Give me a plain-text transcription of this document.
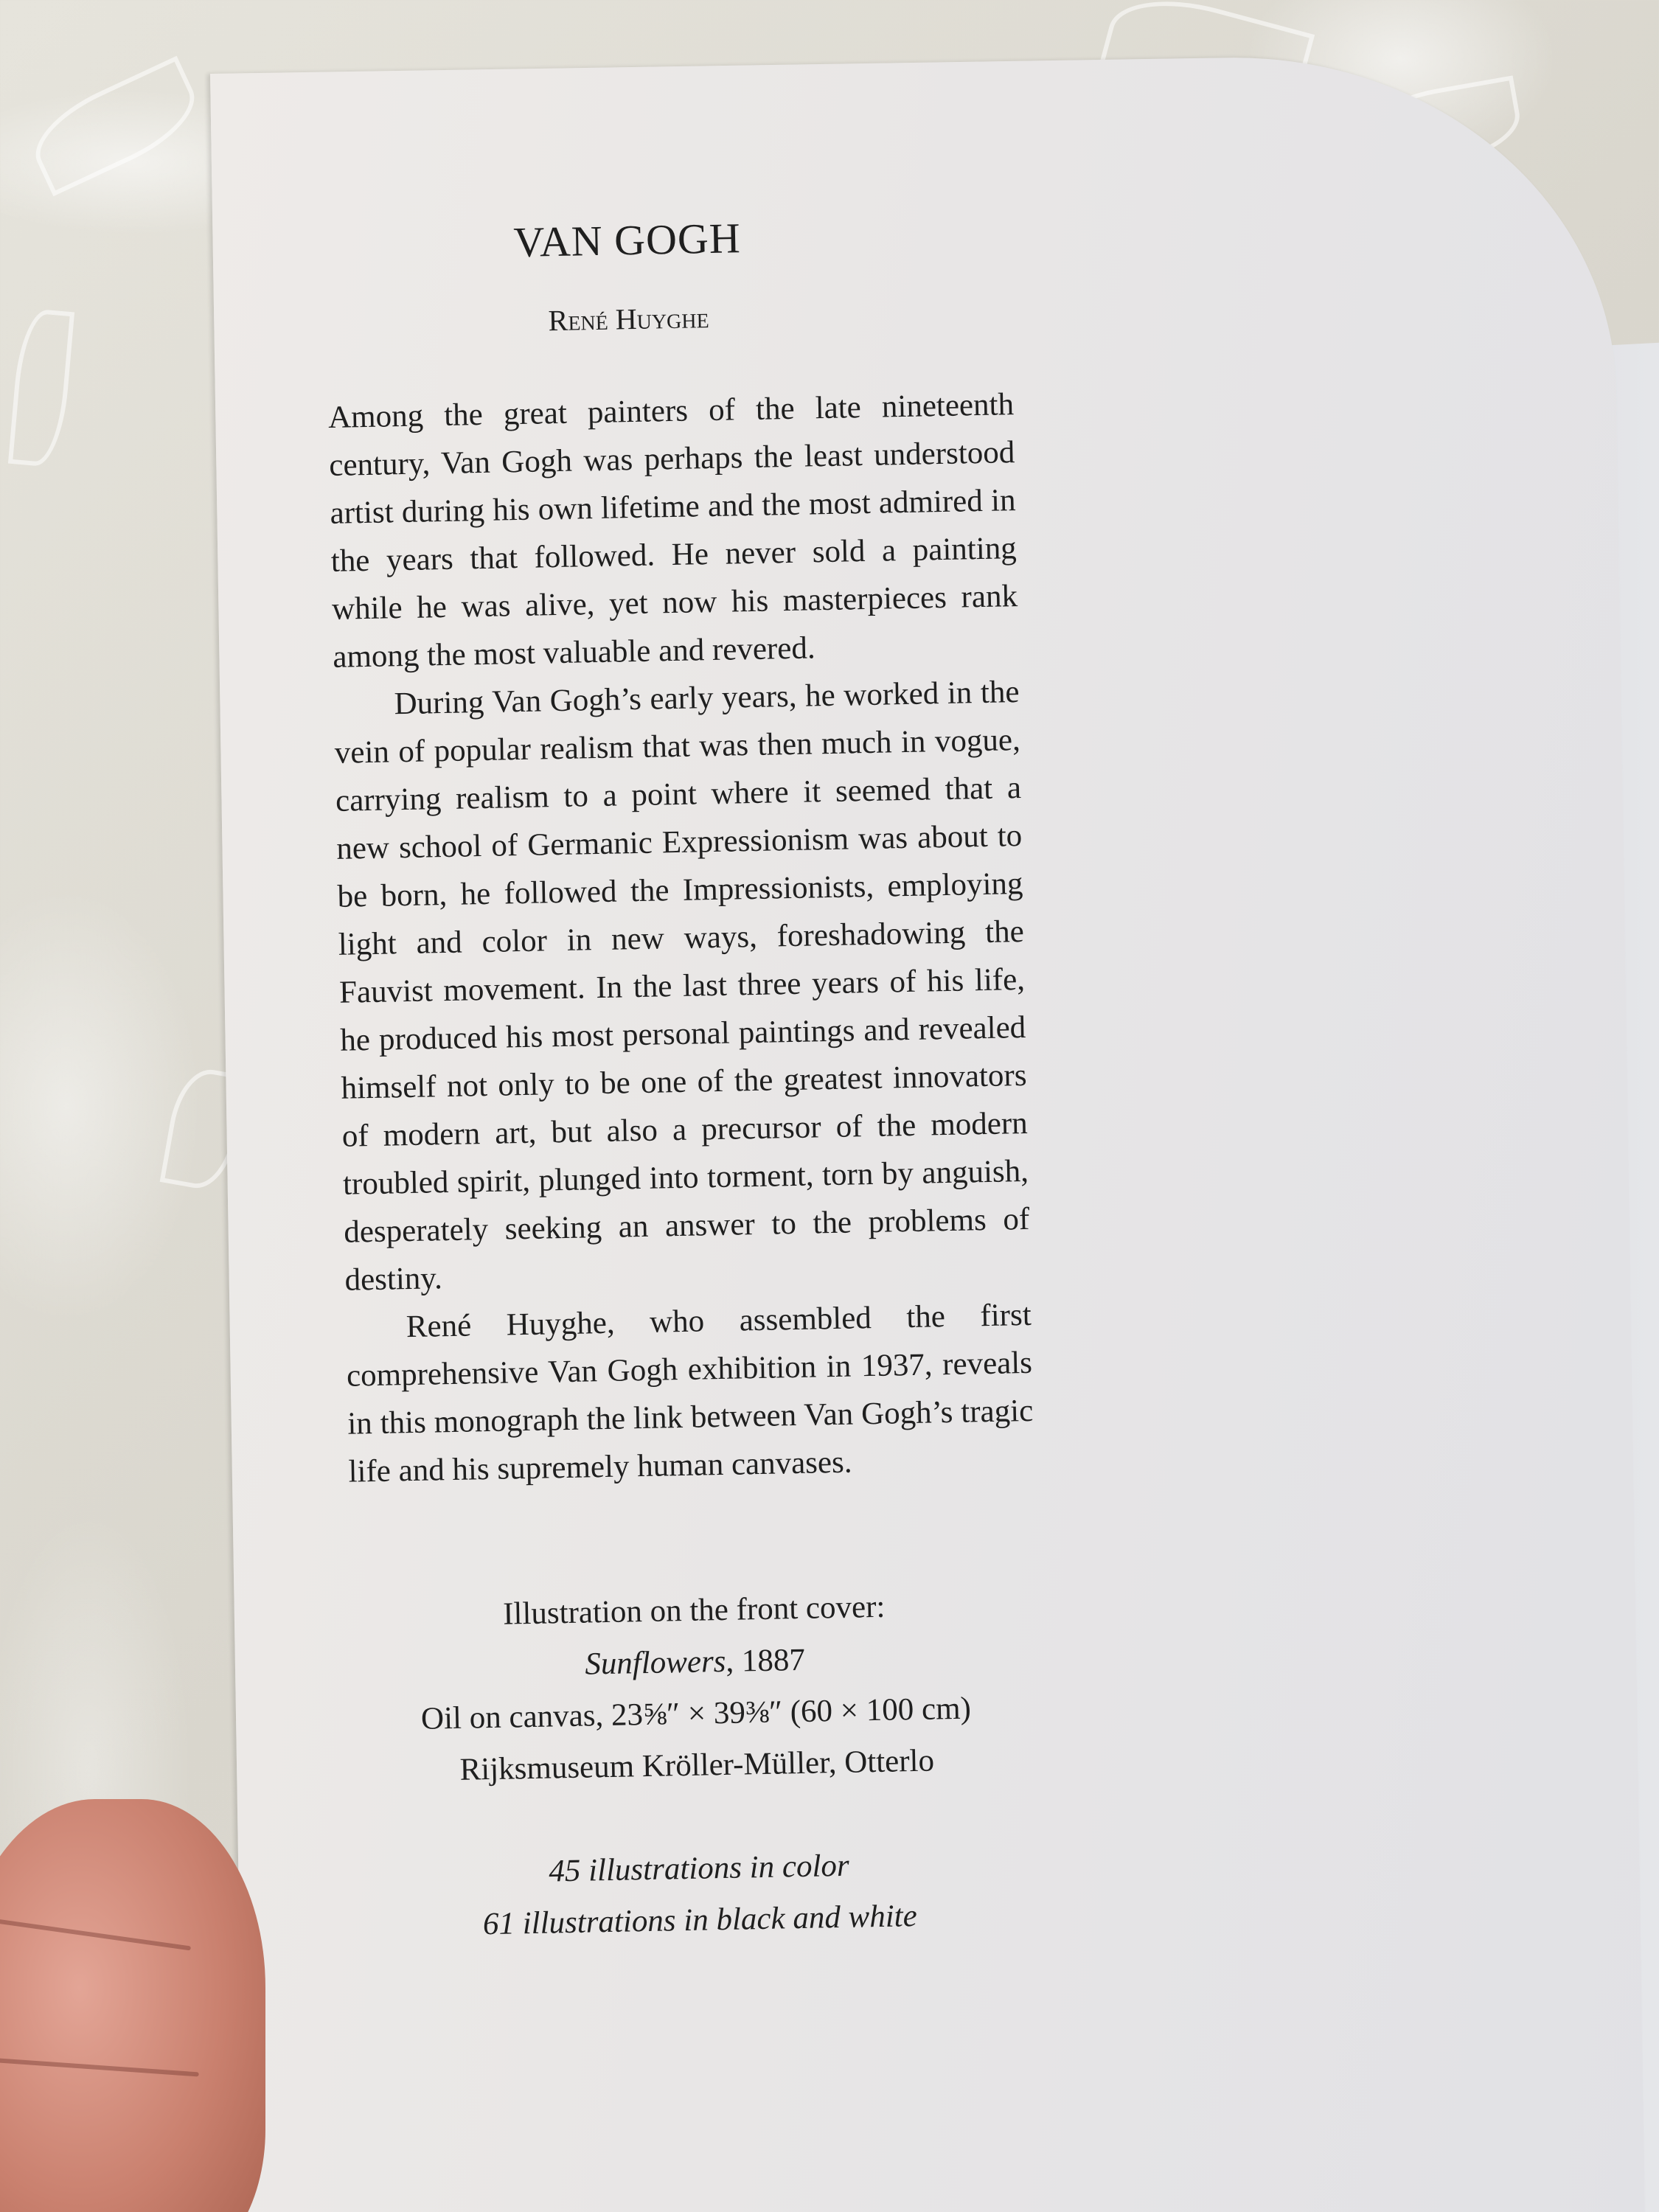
VAN GOGH
René Huyghe

Among the great painters of the late nineteenth century, Van Gogh was perhaps the least understood artist during his own lifetime and the most admired in the years that followed. He never sold a painting while he was alive, yet now his masterpieces rank among the most valuable and revered.

During Van Gogh’s early years, he worked in the vein of popular realism that was then much in vogue, carrying realism to a point where it seemed that a new school of Germanic Expressionism was about to be born, he followed the Impressionists, employing light and color in new ways, foreshadowing the Fauvist movement. In the last three years of his life, he produced his most personal paintings and revealed himself not only to be one of the greatest innovators of modern art, but also a precursor of the modern troubled spirit, plunged into torment, torn by anguish, desperately seeking an answer to the problems of destiny.

René Huyghe, who assembled the first comprehensive Van Gogh exhibition in 1937, reveals in this monograph the link between Van Gogh’s tragic life and his supremely human canvases.

Illustration on the front cover:
Sunflowers, 1887
Oil on canvas, 23⅝″ × 39⅜″ (60 × 100 cm)
Rijksmuseum Kröller-Müller, Otterlo
45 illustrations in color
61 illustrations in black and white
